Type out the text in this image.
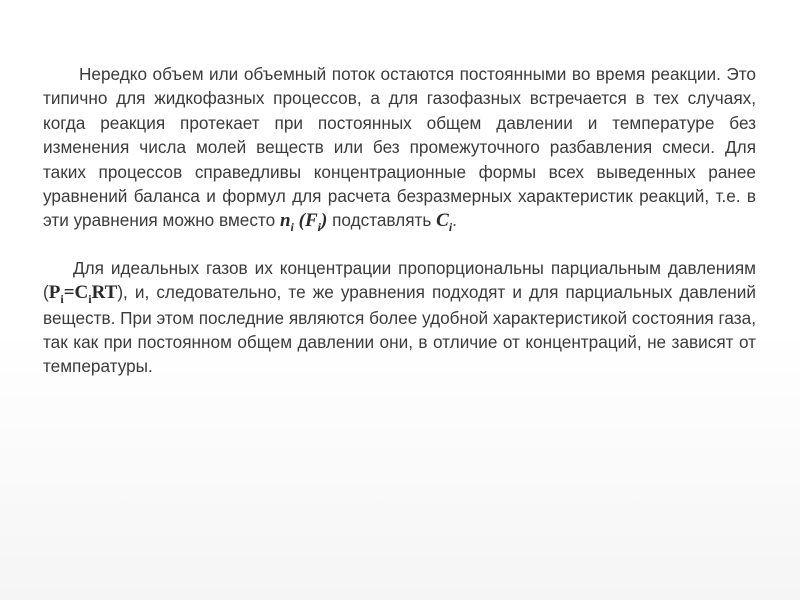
Нередко объем или объемный поток остаются постоянными во время реакции. Это типично для жидкофазных процессов, а для газофазных встречается в тех случаях, когда реакция протекает при постоянных общем давлении и температуре без изменения числа молей веществ или без промежуточного разбавления смеси. Для таких процессов справедливы концентрационные формы всех выведенных ранее уравнений баланса и формул для расчета безразмерных характеристик реакций, т.е. в эти уравнения можно вместо $n_i$ $(F_i)$ подставлять $C_i$.

Для идеальных газов их концентрации пропорциональны парциальным давлениям $(P_i=C_iRT)$, и, следовательно, те же уравнения подходят и для парциальных давлений веществ. При этом последние являются более удобной характеристикой состояния газа, так как при постоянном общем давлении они, в отличие от концентраций, не зависят от температуры.
